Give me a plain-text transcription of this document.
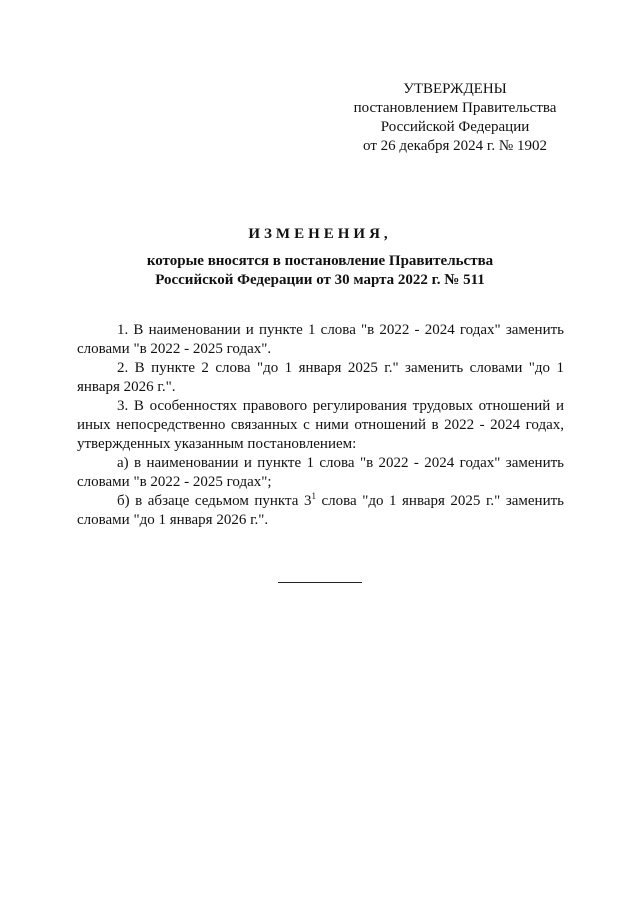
УТВЕРЖДЕНЫ
постановлением Правительства
Российской Федерации
от 26 декабря 2024 г. № 1902
ИЗМЕНЕНИЯ,
которые вносятся в постановление Правительства
Российской Федерации от 30 марта 2022 г. № 511

1. В наименовании и пункте 1 слова "в 2022 - 2024 годах" заменить словами "в 2022 - 2025 годах".

2. В пункте 2 слова "до 1 января 2025 г." заменить словами "до 1 января 2026 г.".

3. В особенностях правового регулирования трудовых отношений и иных непосредственно связанных с ними отношений в 2022 - 2024 годах, утвержденных указанным постановлением:

а) в наименовании и пункте 1 слова "в 2022 - 2024 годах" заменить словами "в 2022 - 2025 годах";

б) в абзаце седьмом пункта $3^1$ слова "до 1 января 2025 г." заменить словами "до 1 января 2026 г.".
